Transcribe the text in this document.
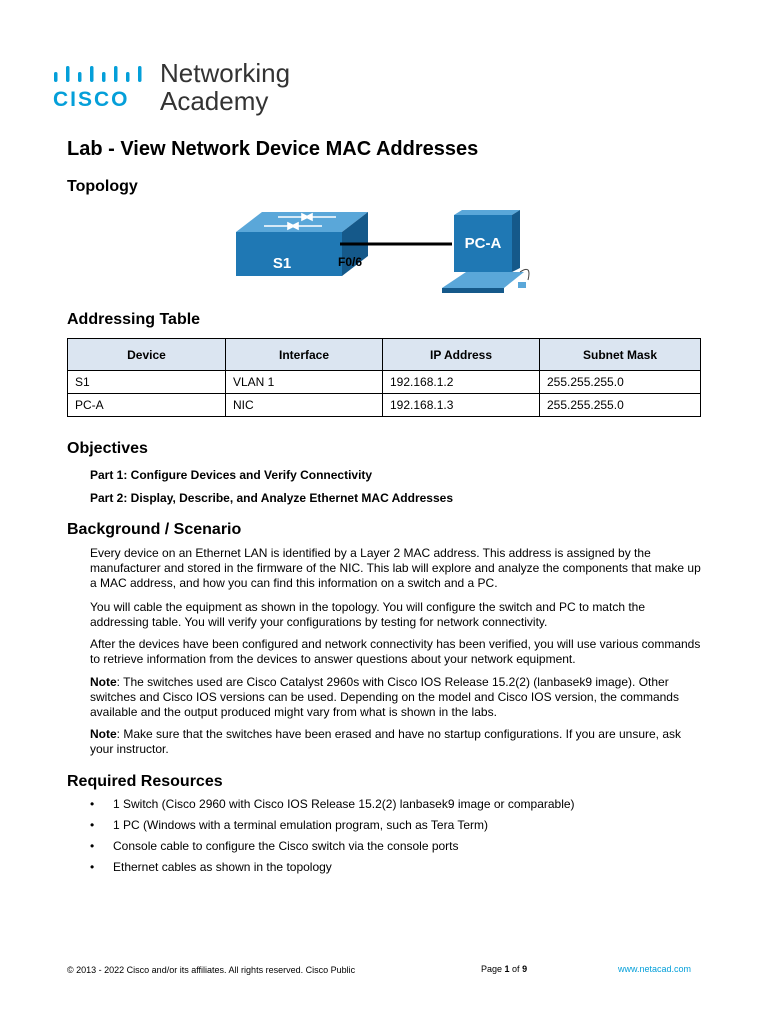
CISCO
Networking
Academy
Lab - View Network Device MAC Addresses
Topology
S1	F0/6
PC-A
Addressing Table
Device	Interface	IP Address	Subnet Mask
S1	VLAN 1	192.168.1.2	255.255.255.0
PC-A	NIC	192.168.1.3	255.255.255.0
Objectives
Part 1: Configure Devices and Verify Connectivity
Part 2: Display, Describe, and Analyze Ethernet MAC Addresses
Background / Scenario

Every device on an Ethernet LAN is identified by a Layer 2 MAC address. This address is assigned by the manufacturer and stored in the firmware of the NIC. This lab will explore and analyze the components that make up a MAC address, and how you can find this information on a switch and a PC.

You will cable the equipment as shown in the topology. You will configure the switch and PC to match the addressing table. You will verify your configurations by testing for network connectivity.

After the devices have been configured and network connectivity has been verified, you will use various commands to retrieve information from the devices to answer questions about your network equipment.

Note: The switches used are Cisco Catalyst 2960s with Cisco IOS Release 15.2(2) (lanbasek9 image). Other switches and Cisco IOS versions can be used. Depending on the model and Cisco IOS version, the commands available and the output produced might vary from what is shown in the labs.

Note: Make sure that the switches have been erased and have no startup configurations. If you are unsure, ask your instructor.

Required Resources
• 1 Switch (Cisco 2960 with Cisco IOS Release 15.2(2) lanbasek9 image or comparable)
• 1 PC (Windows with a terminal emulation program, such as Tera Term)
• Console cable to configure the Cisco switch via the console ports
• Ethernet cables as shown in the topology
© 2013 - 2022 Cisco and/or its affiliates. All rights reserved. Cisco Public	Page 1 of 9	www.netacad.com
